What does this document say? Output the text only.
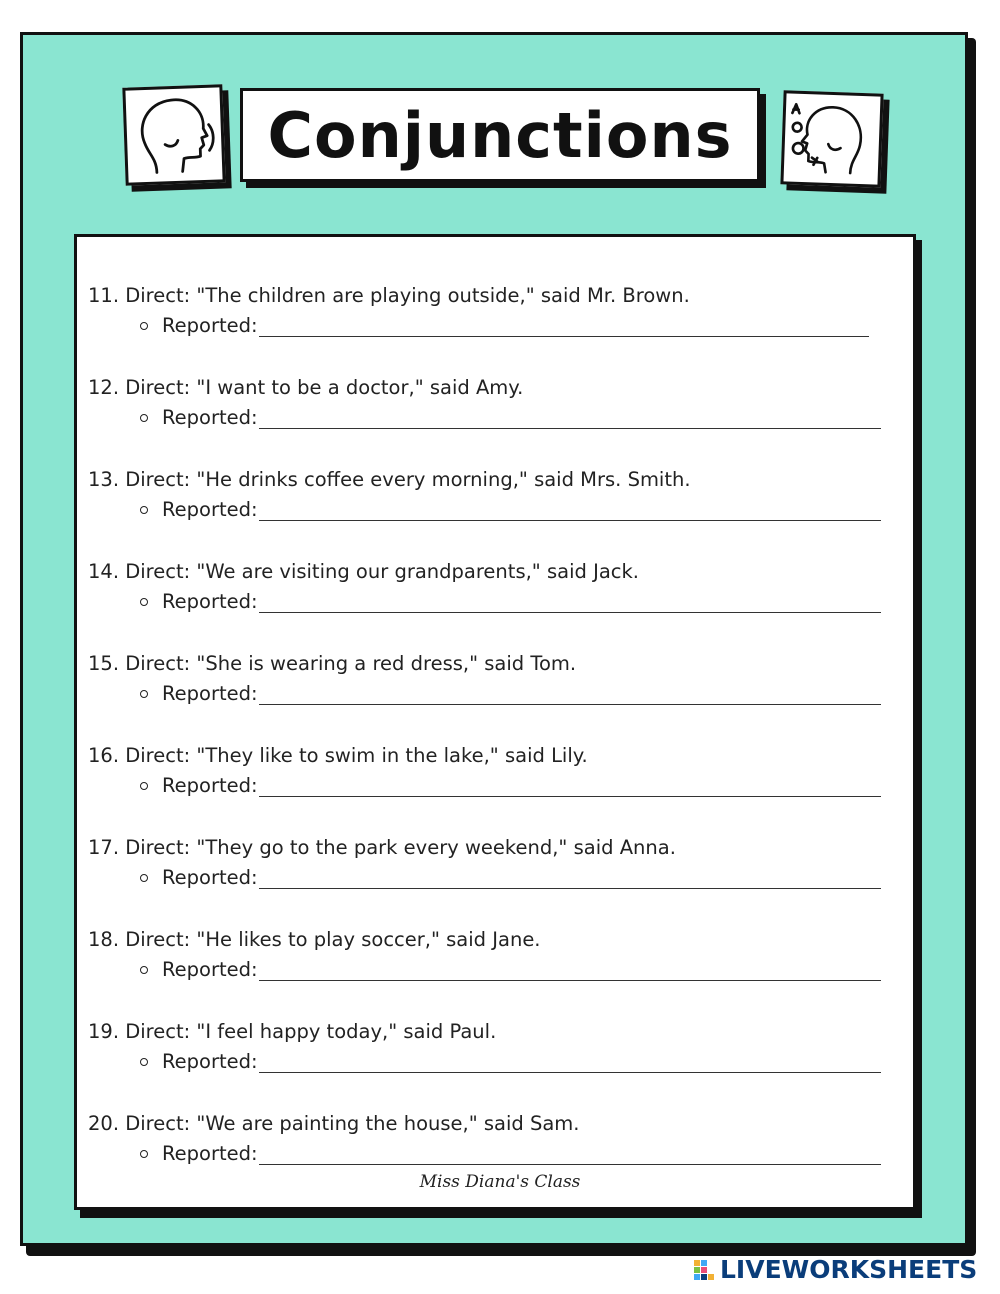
Conjunctions
11. Direct: "The children are playing outside," said Mr. Brown.
Reported:
12. Direct: "I want to be a doctor," said Amy.
Reported:
13. Direct: "He drinks coffee every morning," said Mrs. Smith.
Reported:
14. Direct: "We are visiting our grandparents," said Jack.
Reported:
15. Direct: "She is wearing a red dress," said Tom.
Reported:
16. Direct: "They like to swim in the lake," said Lily.
Reported:
17. Direct: "They go to the park every weekend," said Anna.
Reported:
18. Direct: "He likes to play soccer," said Jane.
Reported:
19. Direct: "I feel happy today," said Paul.
Reported:
20. Direct: "We are painting the house," said Sam.
Reported:
Miss Diana's Class
LIVEWORKSHEETS
